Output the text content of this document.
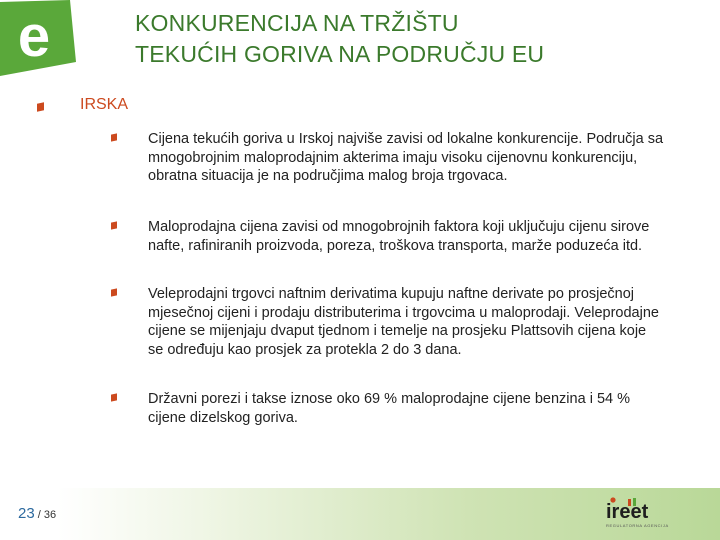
e	KONKURENCIJA NA TRŽIŠTU
TEKUĆIH GORIVA NA PODRUČJU EU
IRSKA
Cijena tekućih goriva u Irskoj najviše zavisi od lokalne konkurencije. Područja sa mnogobrojnim maloprodajnim akterima imaju visoku cijenovnu konkurenciju, obratna situacija je na područjima malog broja trgovaca.
Maloprodajna cijena zavisi od mnogobrojnih faktora koji uključuju cijenu sirove nafte, rafiniranih proizvoda, poreza, troškova transporta, marže poduzeća itd.
Veleprodajni trgovci naftnim derivatima kupuju naftne derivate po prosječnoj mjesečnoj cijeni i prodaju distributerima i trgovcima u maloprodaji. Veleprodajne cijene se mijenjaju dvaput tjednom i temelje na prosjeku Plattsovih cijena koje se određuju kao prosjek za protekla 2 do 3 dana.
Državni porezi i takse iznose oko 69 % maloprodajne cijene benzina i 54 % cijene dizelskog goriva.
23 / 36	ireet
REGULATORNA AGENCIJA
